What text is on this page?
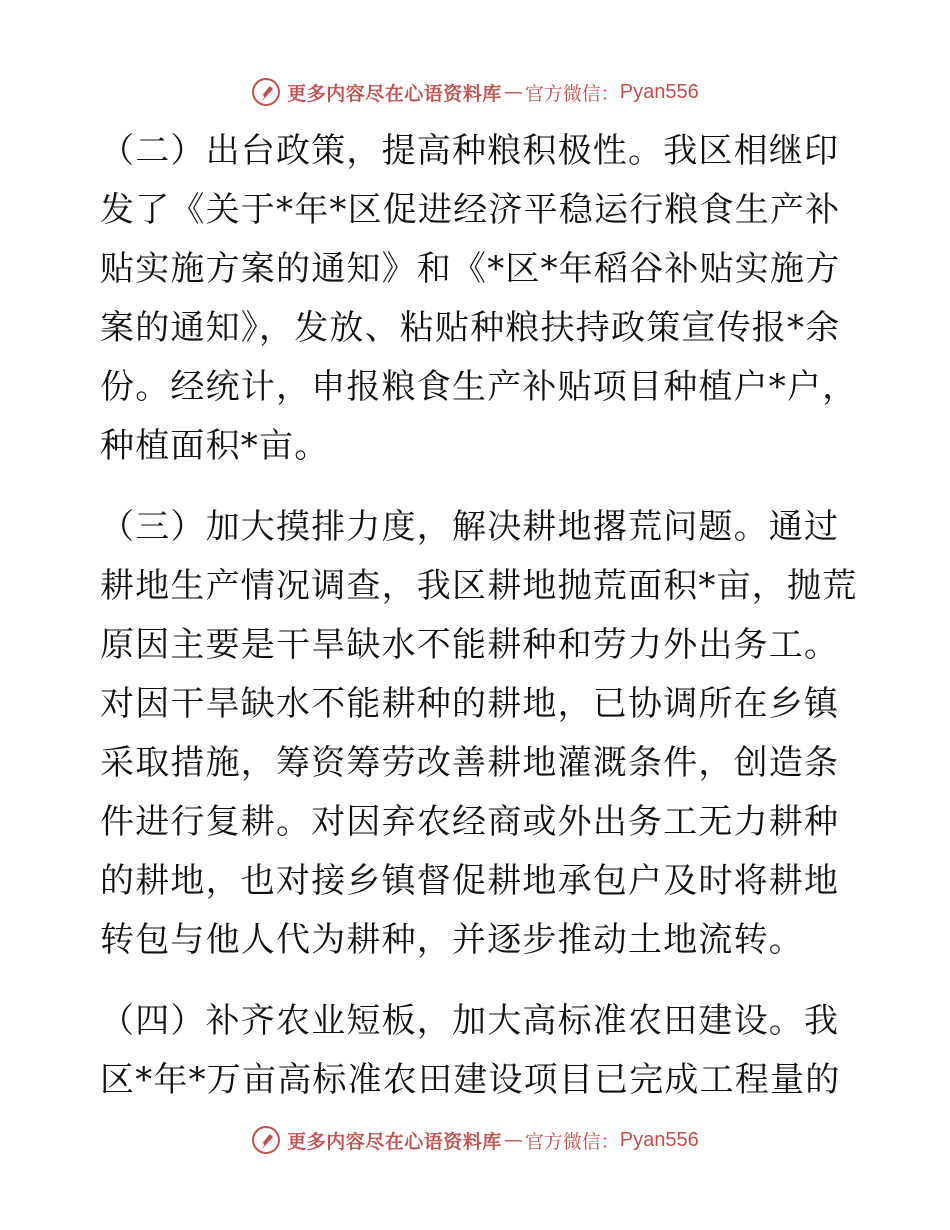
更多内容尽在心语资料库 — 官方微信： Pyan556

（二）出台政策，提高种粮积极性。我区相继印发了《关于*年*区促进经济平稳运行粮食生产补贴实施方案的通知》和《*区*年稻谷补贴实施方案的通知》，发放、粘贴种粮扶持政策宣传报*余份。经统计，申报粮食生产补贴项目种植户*户，种植面积*亩。

（三）加大摸排力度，解决耕地撂荒问题。通过耕地生产情况调查，我区耕地抛荒面积*亩，抛荒原因主要是干旱缺水不能耕种和劳力外出务工。对因干旱缺水不能耕种的耕地，已协调所在乡镇采取措施，筹资筹劳改善耕地灌溉条件，创造条件进行复耕。对因弃农经商或外出务工无力耕种的耕地，也对接乡镇督促耕地承包户及时将耕地转包与他人代为耕种，并逐步推动土地流转。

（四）补齐农业短板，加大高标准农田建设。我区*年*万亩高标准农田建设项目已完成工程量的

更多内容尽在心语资料库 — 官方微信： Pyan556
